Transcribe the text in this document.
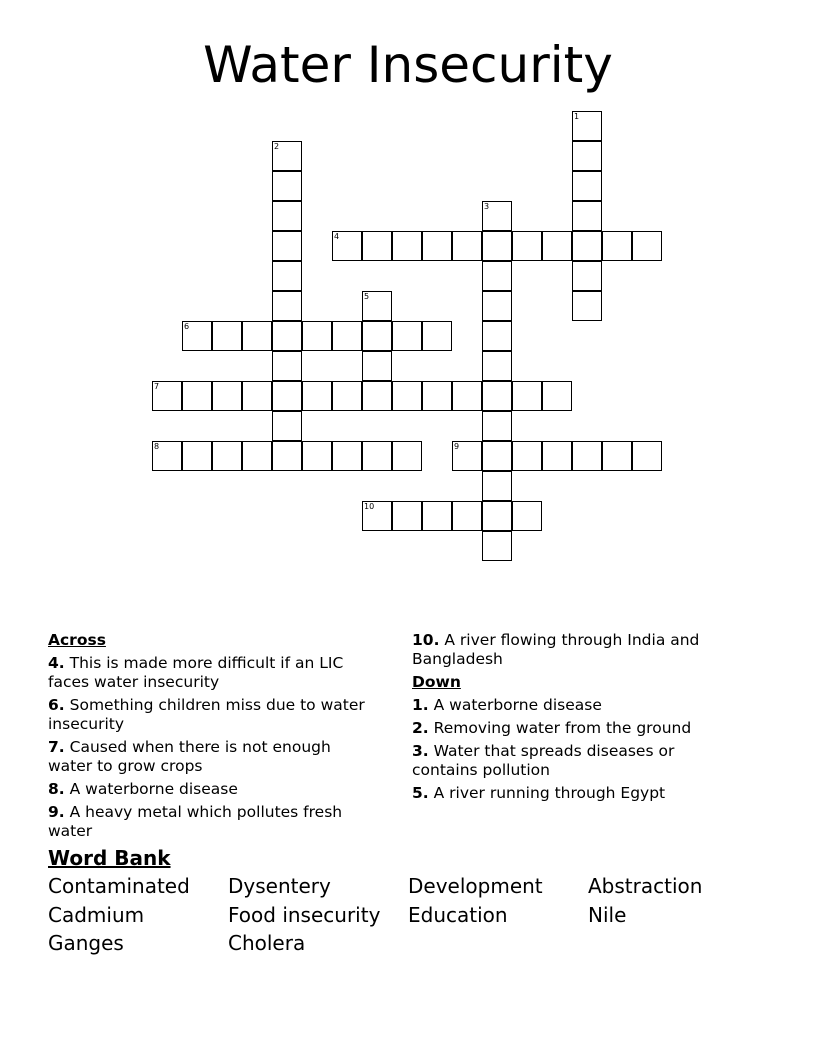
Water Insecurity
1
2
3
4
5
6
7
8	9
10
Across
4. This is made more difficult if an LIC faces water insecurity
6. Something children miss due to water insecurity
7. Caused when there is not enough water to grow crops
8. A waterborne disease
9. A heavy metal which pollutes fresh water
10. A river flowing through India and Bangladesh
Down
1. A waterborne disease
2. Removing water from the ground
3. Water that spreads diseases or contains pollution
5. A river running through Egypt
Word Bank
Contaminated Dysentery	Development Abstraction
Cadmium	Food insecurity Education	Nile
Ganges	Cholera
